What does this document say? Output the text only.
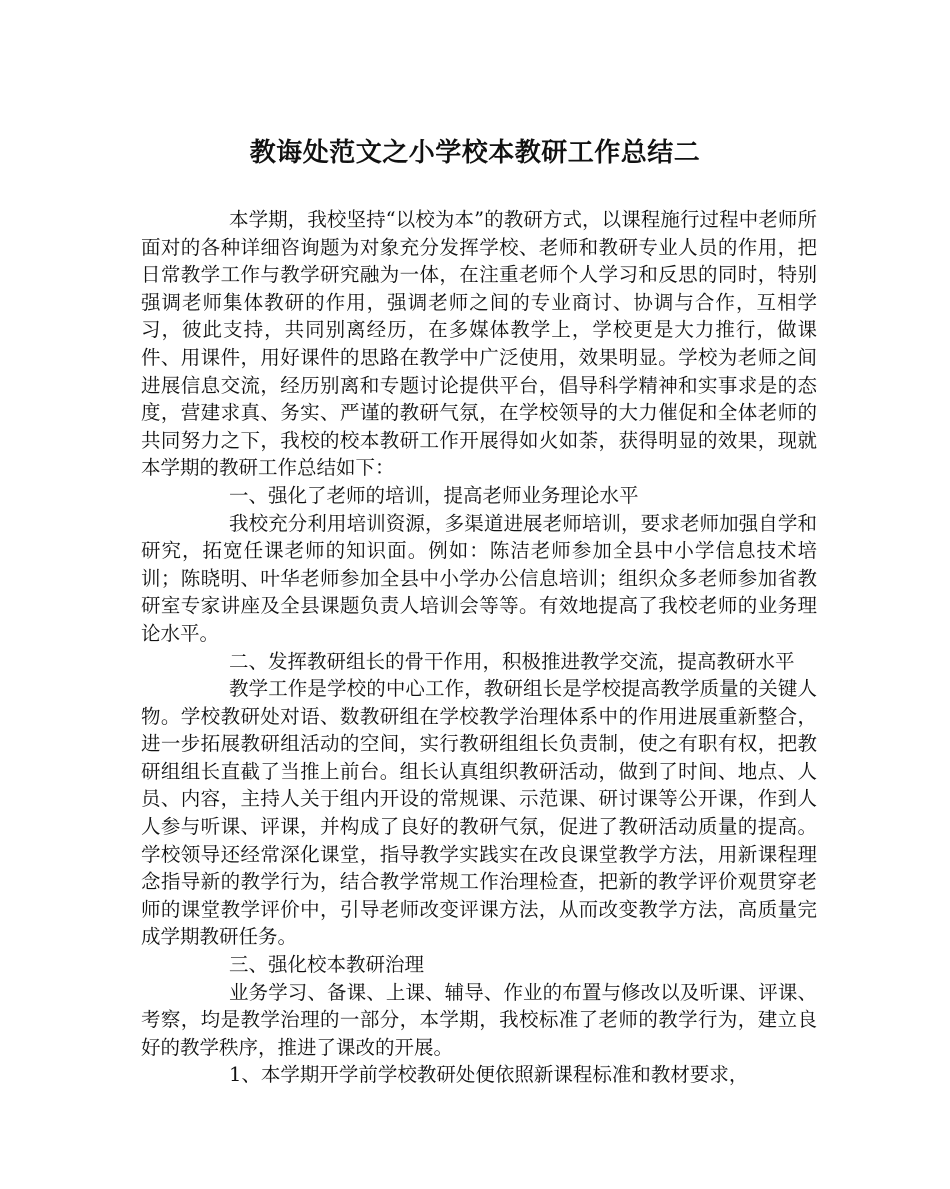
教诲处范文之小学校本教研工作总结二

本学期，我校坚持“以校为本”的教研方式，以课程施行过程中老师所面对的各种详细咨询题为对象充分发挥学校、老师和教研专业人员的作用，把日常教学工作与教学研究融为一体，在注重老师个人学习和反思的同时，特别强调老师集体教研的作用，强调老师之间的专业商讨、协调与合作，互相学习，彼此支持，共同别离经历，在多媒体教学上，学校更是大力推行，做课件、用课件，用好课件的思路在教学中广泛使用，效果明显。学校为老师之间进展信息交流，经历别离和专题讨论提供平台，倡导科学精神和实事求是的态度，营建求真、务实、严谨的教研气氛，在学校领导的大力催促和全体老师的共同努力之下，我校的校本教研工作开展得如火如荼，获得明显的效果，现就本学期的教研工作总结如下：

一、强化了老师的培训，提高老师业务理论水平

我校充分利用培训资源，多渠道进展老师培训，要求老师加强自学和研究，拓宽任课老师的知识面。例如：陈洁老师参加全县中小学信息技术培训；陈晓明、叶华老师参加全县中小学办公信息培训；组织众多老师参加省教研室专家讲座及全县课题负责人培训会等等。有效地提高了我校老师的业务理论水平。

二、发挥教研组长的骨干作用，积极推进教学交流，提高教研水平

教学工作是学校的中心工作，教研组长是学校提高教学质量的关键人物。学校教研处对语、数教研组在学校教学治理体系中的作用进展重新整合，进一步拓展教研组活动的空间，实行教研组组长负责制，使之有职有权，把教研组组长直截了当推上前台。组长认真组织教研活动，做到了时间、地点、人员、内容，主持人关于组内开设的常规课、示范课、研讨课等公开课，作到人人参与听课、评课，并构成了良好的教研气氛，促进了教研活动质量的提高。学校领导还经常深化课堂，指导教学实践实在改良课堂教学方法，用新课程理念指导新的教学行为，结合教学常规工作治理检查，把新的教学评价观贯穿老师的课堂教学评价中，引导老师改变评课方法，从而改变教学方法，高质量完成学期教研任务。

三、强化校本教研治理

业务学习、备课、上课、辅导、作业的布置与修改以及听课、评课、考察，均是教学治理的一部分，本学期，我校标准了老师的教学行为，建立良好的教学秩序，推进了课改的开展。

1、本学期开学前学校教研处便依照新课程标准和教材要求，
